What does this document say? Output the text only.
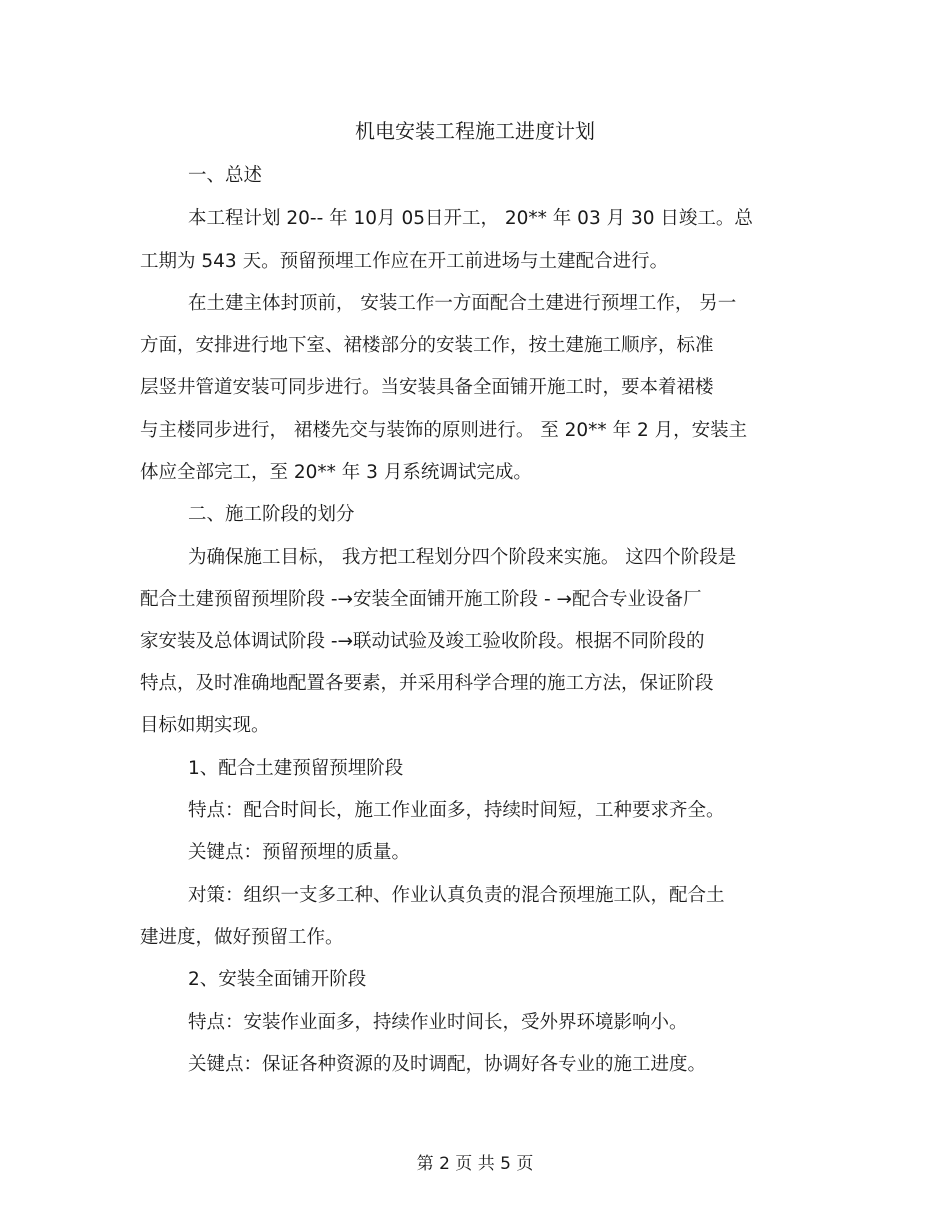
机电安装工程施工进度计划
一、总述
本工程计划 20-- 年 10月 05日开工， 20** 年 03 月 30 日竣工。总
工期为 543 天。预留预埋工作应在开工前进场与土建配合进行。
在土建主体封顶前， 安装工作一方面配合土建进行预埋工作， 另一
方面，安排进行地下室、裙楼部分的安装工作，按土建施工顺序，标准
层竖井管道安装可同步进行。当安装具备全面铺开施工时，要本着裙楼
与主楼同步进行， 裙楼先交与装饰的原则进行。 至 20** 年 2 月，安装主
体应全部完工，至 20** 年 3 月系统调试完成。
二、施工阶段的划分
为确保施工目标， 我方把工程划分四个阶段来实施。 这四个阶段是
配合土建预留预埋阶段 -→安装全面铺开施工阶段 - →配合专业设备厂
家安装及总体调试阶段 -→联动试验及竣工验收阶段。根据不同阶段的
特点，及时准确地配置各要素，并采用科学合理的施工方法，保证阶段
目标如期实现。
1、配合土建预留预埋阶段
特点：配合时间长，施工作业面多，持续时间短，工种要求齐全。
关键点：预留预埋的质量。
对策：组织一支多工种、作业认真负责的混合预埋施工队，配合土
建进度，做好预留工作。
2、安装全面铺开阶段
特点：安装作业面多，持续作业时间长，受外界环境影响小。
关键点：保证各种资源的及时调配，协调好各专业的施工进度。
第 2 页 共 5 页
